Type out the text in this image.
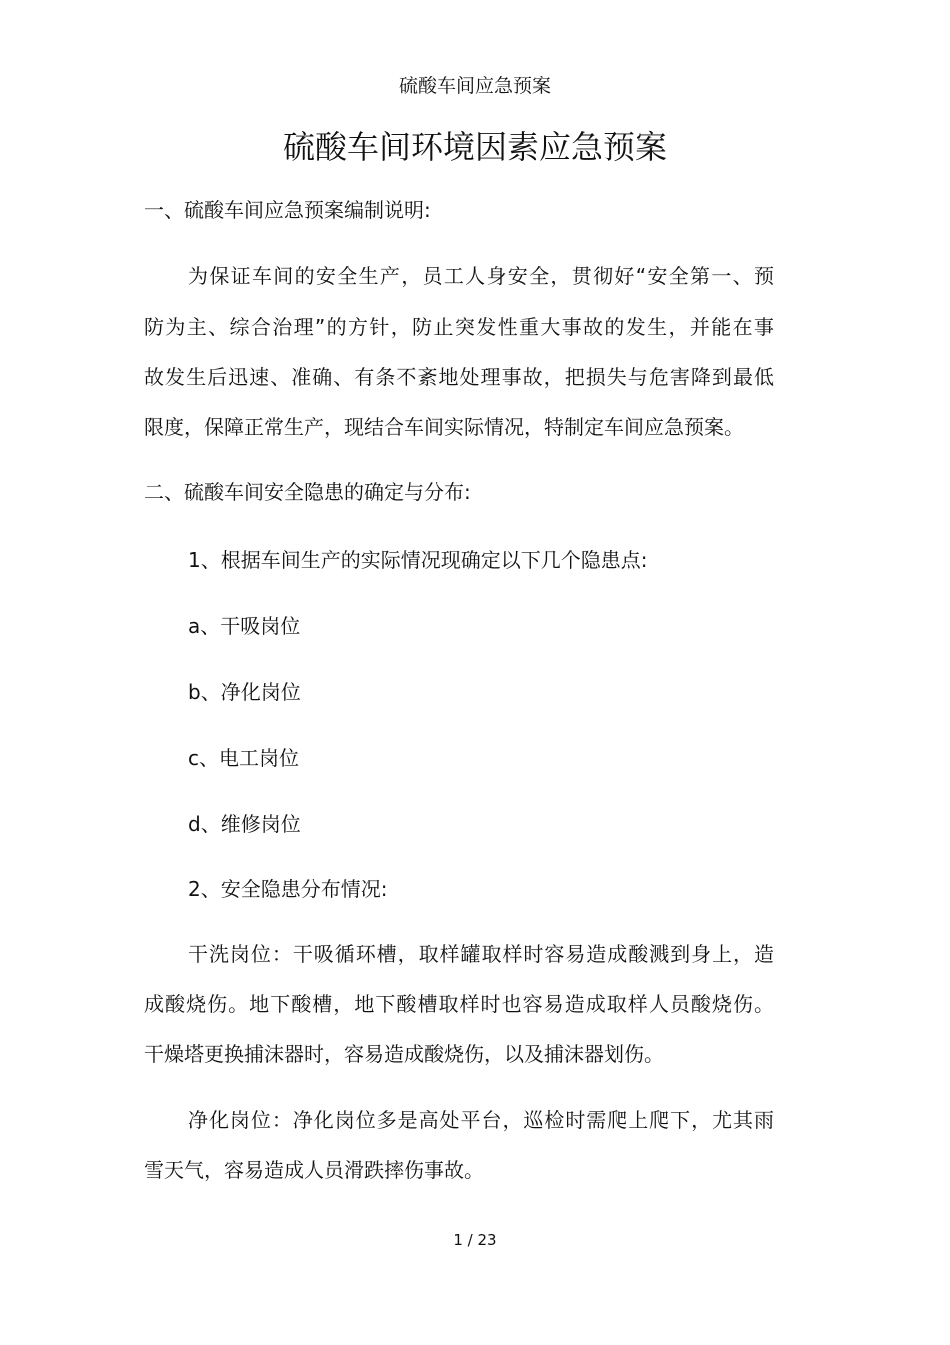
硫酸车间应急预案
硫酸车间环境因素应急预案
一、硫酸车间应急预案编制说明:
为保证车间的安全生产，员工人身安全，贯彻好“安全第一、预
防为主、综合治理”的方针，防止突发性重大事故的发生，并能在事
故发生后迅速、准确、有条不紊地处理事故，把损失与危害降到最低
限度，保障正常生产，现结合车间实际情况，特制定车间应急预案。
二、硫酸车间安全隐患的确定与分布:
1、根据车间生产的实际情况现确定以下几个隐患点:
a、干吸岗位
b、净化岗位
c、电工岗位
d、维修岗位
2、安全隐患分布情况:
干洗岗位：干吸循环槽，取样罐取样时容易造成酸溅到身上，造
成酸烧伤。地下酸槽，地下酸槽取样时也容易造成取样人员酸烧伤。
干燥塔更换捕沫器时，容易造成酸烧伤，以及捕沫器划伤。
净化岗位：净化岗位多是高处平台，巡检时需爬上爬下，尤其雨
雪天气，容易造成人员滑跌摔伤事故。
1 / 23
